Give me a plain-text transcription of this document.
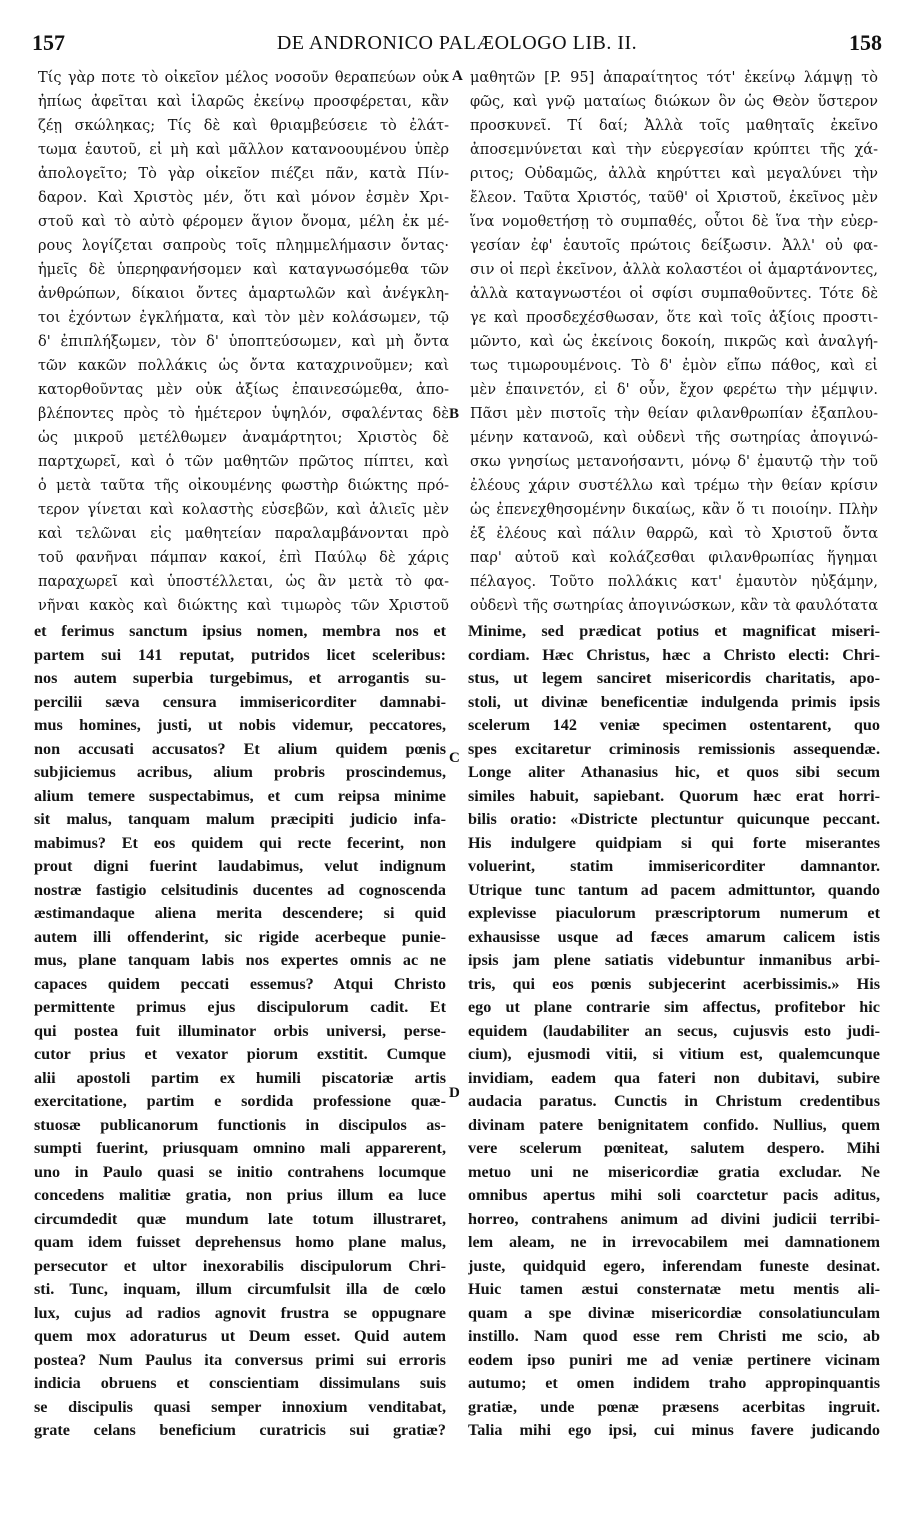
157	DE ANDRONICO PALÆOLOGO LIB. II.	158

Τίς γὰρ ποτε τὸ οἰκεῖον μέλος νοσοῦν θεραπεύων οὐκ

ἠπίως ἀφεῖται καὶ ἱλαρῶς ἐκείνῳ προσφέρεται, κἂν

ζέῃ σκώληκας; Τίς δὲ καὶ θριαμβεύσειε τὸ ἐλάτ-

τωμα ἑαυτοῦ, εἰ μὴ καὶ μᾶλλον κατανοουμένου ὑπὲρ

ἀπολογεῖτο; Τὸ γὰρ οἰκεῖον πιέζει πᾶν, κατὰ Πίν-

δαρον. Καὶ Χριστὸς μέν, ὅτι καὶ μόνον ἐσμὲν Χρι-

στοῦ καὶ τὸ αὐτὸ φέρομεν ἅγιον ὄνομα, μέλη ἐκ μέ-

ρους λογίζεται σαπροὺς τοῖς πλημμελήμασιν ὄντας·

ἡμεῖς δὲ ὑπερηφανήσομεν καὶ καταγνωσόμεθα τῶν

ἀνθρώπων, δίκαιοι ὄντες ἁμαρτωλῶν καὶ ἀνέγκλη-

τοι ἐχόντων ἐγκλήματα, καὶ τὸν μὲν κολάσωμεν, τῷ

δ' ἐπιπλήξωμεν, τὸν δ' ὑποπτεύσωμεν, καὶ μὴ ὄντα

τῶν κακῶν πολλάκις ὡς ὄντα καταχρινοῦμεν; καὶ

κατορθοῦντας μὲν οὐκ ἀξίως ἐπαινεσώμεθα, ἀπο-

βλέποντες πρὸς τὸ ἡμέτερον ὑψηλόν, σφαλέντας δὲ

ὡς μικροῦ μετέλθωμεν ἀναμάρτητοι; Χριστὸς δὲ

παρτχωρεῖ, καὶ ὁ τῶν μαθητῶν πρῶτος πίπτει, καὶ

ὁ μετὰ ταῦτα τῆς οἰκουμένης φωστὴρ διώκτης πρό-

τερον γίνεται καὶ κολαστὴς εὐσεβῶν, καὶ ἁλιεῖς μὲν

καὶ τελῶναι εἰς μαθητείαν παραλαμβάνονται πρὸ

τοῦ φανῆναι πάμπαν κακοί, ἐπὶ Παύλῳ δὲ χάρις

παραχωρεῖ καὶ ὑποστέλλεται, ὡς ἂν μετὰ τὸ φα-

νῆναι κακὸς καὶ διώκτης καὶ τιμωρὸς τῶν Χριστοῦ

μαθητῶν [P. 95] ἀπαραίτητος τότ' ἐκείνῳ λάμψῃ τὸ

φῶς, καὶ γνῷ ματαίως διώκων ὃν ὡς Θεὸν ὕστερον

προσκυνεῖ. Τί δαί; Ἀλλὰ τοῖς μαθηταῖς ἐκεῖνο

ἀποσεμνύνεται καὶ τὴν εὐεργεσίαν κρύπτει τῆς χά-

ριτος; Οὐδαμῶς, ἀλλὰ κηρύττει καὶ μεγαλύνει τὴν

ἔλεον. Ταῦτα Χριστός, ταῦθ' οἱ Χριστοῦ, ἐκεῖνος μὲν

ἵνα νομοθετήσῃ τὸ συμπαθές, οὗτοι δὲ ἵνα τὴν εὐερ-

γεσίαν ἐφ' ἑαυτοῖς πρώτοις δείξωσιν. Ἀλλ' οὐ φα-

σιν οἱ περὶ ἐκεῖνον, ἀλλὰ κολαστέοι οἱ ἁμαρτάνοντες,

ἀλλὰ καταγνωστέοι οἱ σφίσι συμπαθοῦντες. Τότε δὲ

γε καὶ προσδεχέσθωσαν, ὅτε καὶ τοῖς ἀξίοις προστι-

μῶντο, καὶ ὡς ἐκείνοις δοκοίη, πικρῶς καὶ ἀναλγή-

τως τιμωρουμένοις. Τὸ δ' ἐμὸν εἴπω πάθος, καὶ εἰ

μὲν ἐπαινετόν, εἰ δ' οὖν, ἔχον φερέτω τὴν μέμψιν.

Πᾶσι μὲν πιστοῖς τὴν θείαν φιλανθρωπίαν ἐξαπλου-

μένην κατανοῶ, καὶ οὐδενὶ τῆς σωτηρίας ἀπογινώ-

σκω γνησίως μετανοήσαντι, μόνῳ δ' ἐμαυτῷ τὴν τοῦ

ἐλέους χάριν συστέλλω καὶ τρέμω τὴν θείαν κρίσιν

ὡς ἐπενεχθησομένην δικαίως, κἂν ὅ τι ποιοίην. Πλὴν

ἐξ ἐλέους καὶ πάλιν θαρρῶ, καὶ τὸ Χριστοῦ ὄντα

παρ' αὐτοῦ καὶ κολάζεσθαι φιλανθρωπίας ἥγημαι

πέλαγος. Τοῦτο πολλάκις κατ' ἐμαυτὸν ηὐξάμην,

οὐδενὶ τῆς σωτηρίας ἀπογινώσκων, κἂν τὰ φαυλότατα

et ferimus sanctum ipsius nomen, membra nos et

partem sui 141 reputat, putridos licet sceleribus:

nos autem superbia turgebimus, et arrogantis su-

percilii sæva censura immisericorditer damnabi-

mus homines, justi, ut nobis videmur, peccatores,

non accusati accusatos? Et alium quidem pœnis

subjiciemus acribus, alium probris proscindemus,

alium temere suspectabimus, et cum reipsa minime

sit malus, tanquam malum præcipiti judicio infa-

mabimus? Et eos quidem qui recte fecerint, non

prout digni fuerint laudabimus, velut indignum

nostræ fastigio celsitudinis ducentes ad cognoscenda

æstimandaque aliena merita descendere; si quid

autem illi offenderint, sic rigide acerbeque punie-

mus, plane tanquam labis nos expertes omnis ac ne

capaces quidem peccati essemus? Atqui Christo

permittente primus ejus discipulorum cadit. Et

qui postea fuit illuminator orbis universi, perse-

cutor prius et vexator piorum exstitit. Cumque

alii apostoli partim ex humili piscatoriæ artis

exercitatione, partim e sordida professione quæ-

stuosæ publicanorum functionis in discipulos as-

sumpti fuerint, priusquam omnino mali apparerent,

uno in Paulo quasi se initio contrahens locumque

concedens malitiæ gratia, non prius illum ea luce

circumdedit quæ mundum late totum illustraret,

quam idem fuisset deprehensus homo plane malus,

persecutor et ultor inexorabilis discipulorum Chri-

sti. Tunc, inquam, illum circumfulsit illa de cœlo

lux, cujus ad radios agnovit frustra se oppugnare

quem mox adoraturus ut Deum esset. Quid autem

postea? Num Paulus ita conversus primi sui erroris

indicia obruens et conscientiam dissimulans suis

se discipulis quasi semper innoxium venditabat,

grate celans beneficium curatricis sui gratiæ?

Minime, sed prædicat potius et magnificat miseri-

cordiam. Hæc Christus, hæc a Christo electi: Chri-

stus, ut legem sanciret misericordis charitatis, apo-

stoli, ut divinæ beneficentiæ indulgenda primis ipsis

scelerum 142 veniæ specimen ostentarent, quo

spes excitaretur criminosis remissionis assequendæ.

Longe aliter Athanasius hic, et quos sibi secum

similes habuit, sapiebant. Quorum hæc erat horri-

bilis oratio: «Districte plectuntur quicunque peccant.

His indulgere quidpiam si qui forte miserantes

voluerint, statim immisericorditer damnantor.

Utrique tunc tantum ad pacem admittuntor, quando

explevisse piaculorum præscriptorum numerum et

exhausisse usque ad fæces amarum calicem istis

ipsis jam plene satiatis videbuntur inmanibus arbi-

tris, qui eos pœnis subjecerint acerbissimis.» His

ego ut plane contrarie sim affectus, profitebor hic

equidem (laudabiliter an secus, cujusvis esto judi-

cium), ejusmodi vitii, si vitium est, qualemcunque

invidiam, eadem qua fateri non dubitavi, subire

audacia paratus. Cunctis in Christum credentibus

divinam patere benignitatem confido. Nullius, quem

vere scelerum pœniteat, salutem despero. Mihi

metuo uni ne misericordiæ gratia excludar. Ne

omnibus apertus mihi soli coarctetur pacis aditus,

horreo, contrahens animum ad divini judicii terribi-

lem aleam, ne in irrevocabilem mei damnationem

juste, quidquid egero, inferendam funeste desinat.

Huic tamen æstui consternatæ metu mentis ali-

quam a spe divinæ misericordiæ consolatiunculam

instillo. Nam quod esse rem Christi me scio, ab

eodem ipso puniri me ad veniæ pertinere vicinam

autumo; et omen indidem traho appropinquantis

gratiæ, unde pœnæ præsens acerbitas ingruit.

Talia mihi ego ipsi, cui minus favere judicando

A
B
C
D
